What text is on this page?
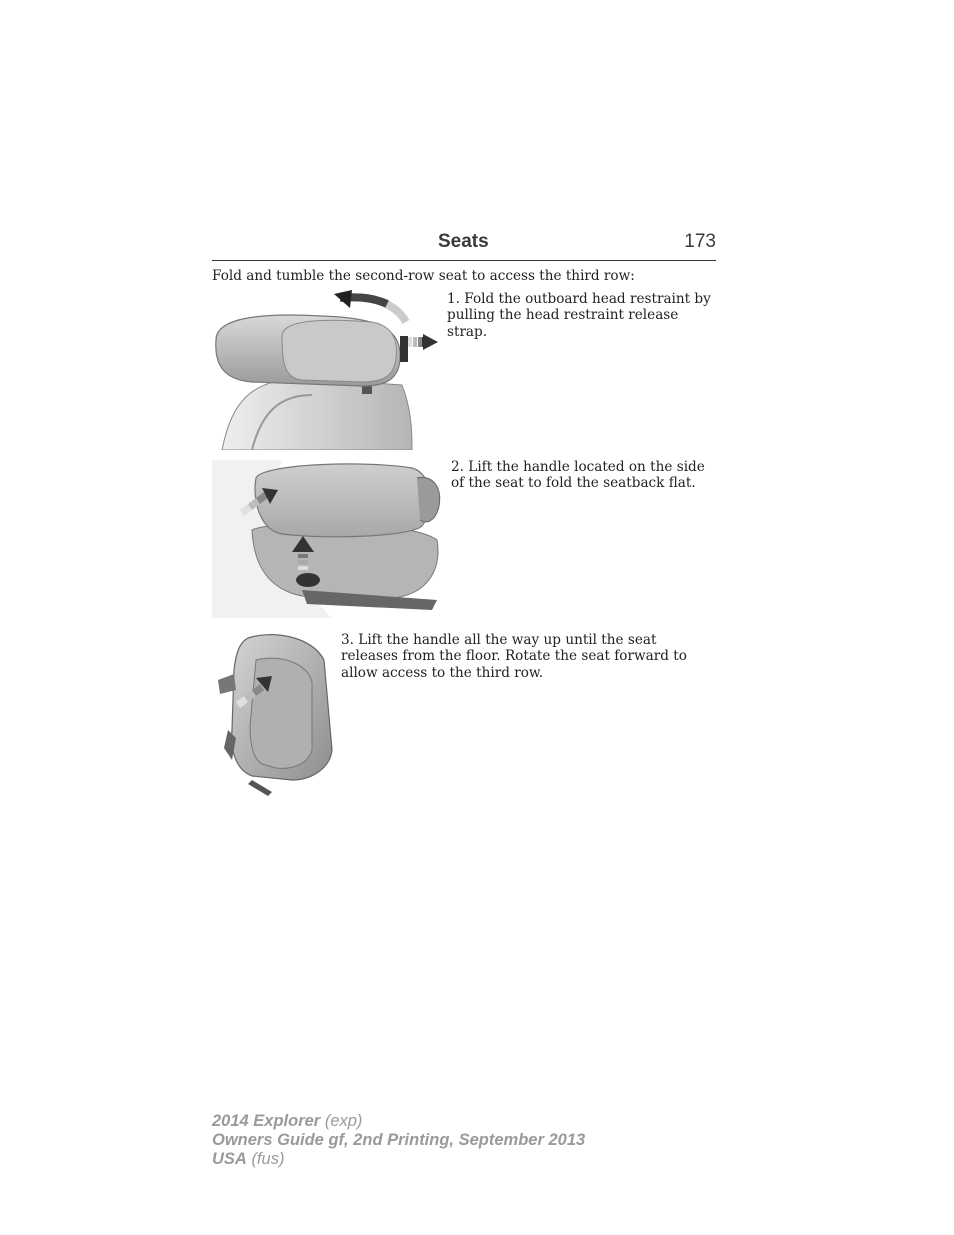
Seats	173
Fold and tumble the second-row seat to access the third row:
1. Fold the outboard head restraint by pulling the head restraint release strap.
2. Lift the handle located on the side of the seat to fold the seatback flat.
3. Lift the handle all the way up until the seat releases from the floor. Rotate the seat forward to allow access to the third row.
2014 Explorer (exp)
Owners Guide gf, 2nd Printing, September 2013
USA (fus)
